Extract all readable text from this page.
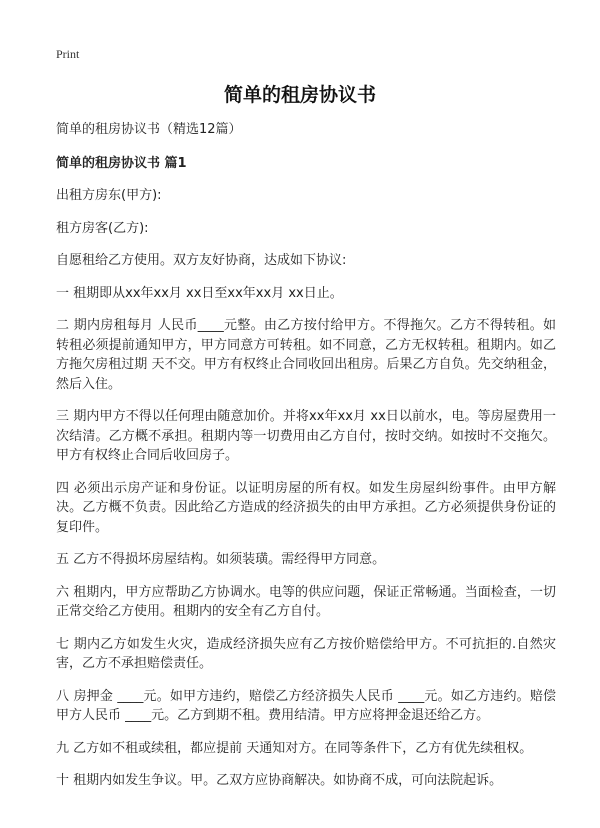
Print
简单的租房协议书

简单的租房协议书（精选12篇）

简单的租房协议书 篇1

出租方房东(甲方):

租方房客(乙方):

自愿租给乙方使用。双方友好协商，达成如下协议:

一 租期即从xx年xx月 xx日至xx年xx月 xx日止。

二 期内房租每月 人民币____元整。由乙方按付给甲方。不得拖欠。乙方不得转租。如转租必须提前通知甲方，甲方同意方可转租。如不同意，乙方无权转租。租期内。如乙方拖欠房租过期 天不交。甲方有权终止合同收回出租房。后果乙方自负。先交纳租金，然后入住。

三 期内甲方不得以任何理由随意加价。并将xx年xx月 xx日以前水，电。等房屋费用一次结清。乙方概不承担。租期内等一切费用由乙方自付，按时交纳。如按时不交拖欠。甲方有权终止合同后收回房子。

四 必须出示房产证和身份证。以证明房屋的所有权。如发生房屋纠纷事件。由甲方解决。乙方概不负责。因此给乙方造成的经济损失的由甲方承担。乙方必须提供身份证的复印件。

五 乙方不得损坏房屋结构。如须装璜。需经得甲方同意。

六 租期内，甲方应帮助乙方协调水。电等的供应问题，保证正常畅通。当面检查，一切正常交给乙方使用。租期内的安全有乙方自付。

七 期内乙方如发生火灾，造成经济损失应有乙方按价赔偿给甲方。不可抗拒的.自然灾害，乙方不承担赔偿责任。

八 房押金 ____元。如甲方违约，赔偿乙方经济损失人民币 ____元。如乙方违约。赔偿甲方人民币 ____元。乙方到期不租。费用结清。甲方应将押金退还给乙方。

九 乙方如不租或续租，都应提前 天通知对方。在同等条件下，乙方有优先续租权。

十 租期内如发生争议。甲。乙双方应协商解决。如协商不成，可向法院起诉。
